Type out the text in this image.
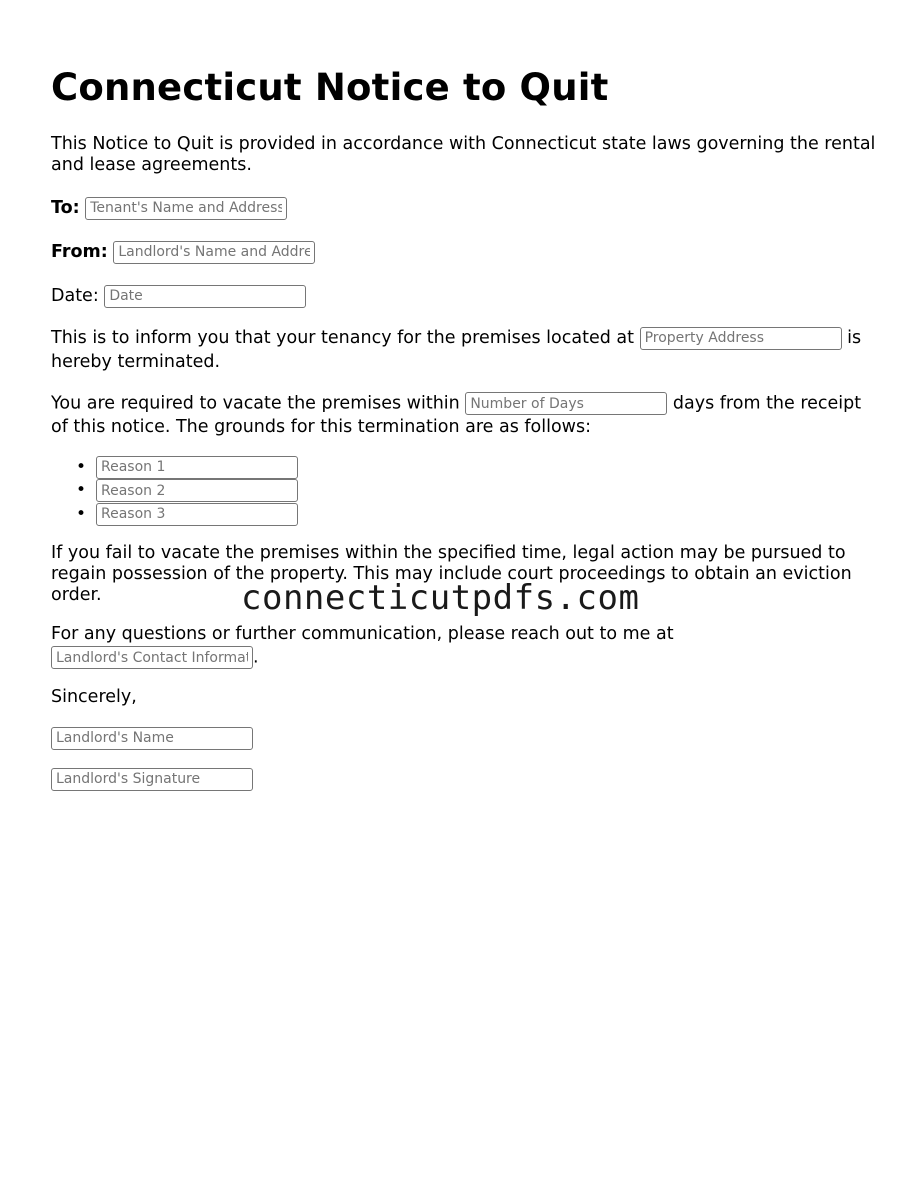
Connecticut Notice to Quit

This Notice to Quit is provided in accordance with Connecticut state laws governing the rental and lease agreements.

To: Tenant's Name and Address
From: Landlord's Name and Address
Date: Date

This is to inform you that your tenancy for the premises located at Property Address	is hereby terminated.

You are required to vacate the premises within Number of Days	days from the receipt of this notice. The grounds for this termination are as follows:

•
Reason 1
•
Reason 2
•
Reason 3

If you fail to vacate the premises within the specified time, legal action may be pursued to regain possession of the property. This may include court proceedings to obtain an eviction order.

For any questions or further communication, please reach out to me at
Landlord's Contact Information.

Sincerely,

Landlord's Name
Landlord's Signature
connecticutpdfs.com
